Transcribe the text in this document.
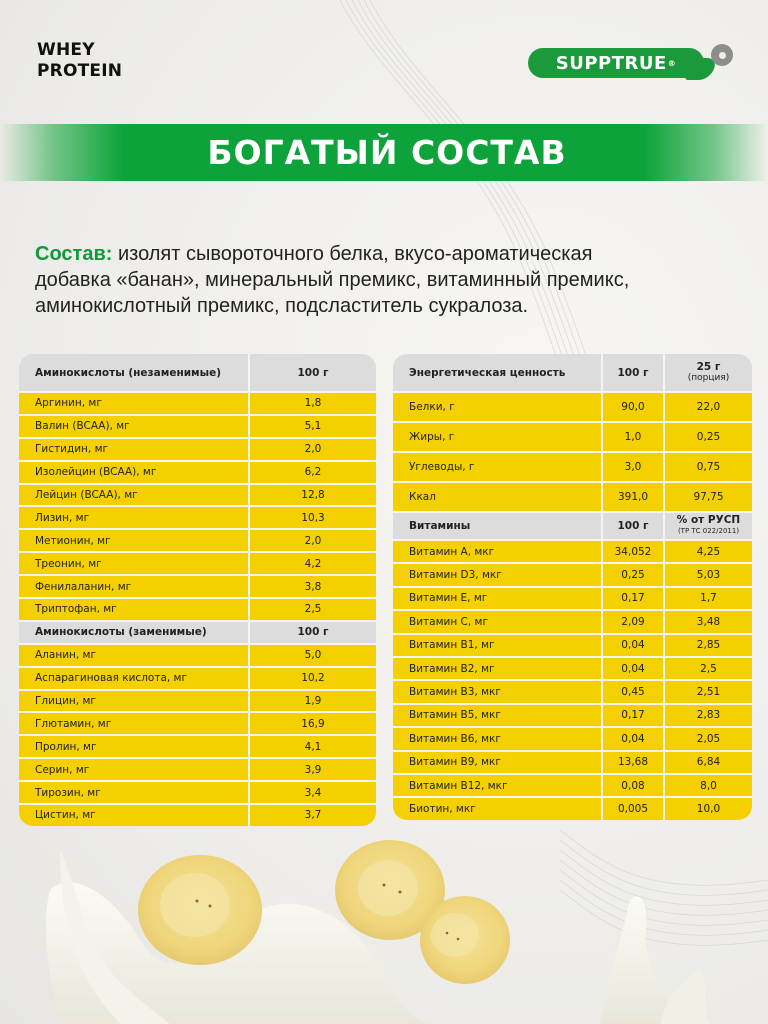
WHEY
PROTEIN	SUPPTRUE ®
БОГАТЫЙ СОСТАВ

Состав: изолят сывороточного белка, вкусо-ароматическая добавка «банан», минеральный премикс, витаминный премикс, аминокислотный премикс, подсластитель сукралоза.

Аминокислоты (незаменимые)	100 г
Аргинин, мг	1,8
Валин (BCAA), мг	5,1
Гистидин, мг	2,0
Изолейцин (BCAA), мг	6,2
Лейцин (BCAA), мг	12,8
Лизин, мг	10,3
Метионин, мг	2,0
Треонин, мг	4,2
Фенилаланин, мг	3,8
Триптофан, мг	2,5
Аминокислоты (заменимые)	100 г
Аланин, мг	5,0
Аспарагиновая кислота, мг	10,2
Глицин, мг	1,9
Глютамин, мг	16,9
Пролин, мг	4,1
Серин, мг	3,9
Тирозин, мг	3,4
Цистин, мг	3,7
Энергетическая ценность	100 г	25 г
(порция)
Белки, г	90,0	22,0
Жиры, г	1,0	0,25
Углеводы, г	3,0	0,75
Ккал	391,0	97,75
Витамины	100 г	% от РУСП
(ТР ТС 022/2011)
Витамин А, мкг	34,052	4,25
Витамин D3, мкг	0,25	5,03
Витамин Е, мг	0,17	1,7
Витамин С, мг	2,09	3,48
Витамин В1, мг	0,04	2,85
Витамин В2, мг	0,04	2,5
Витамин В3, мкг	0,45	2,51
Витамин В5, мкг	0,17	2,83
Витамин В6, мкг	0,04	2,05
Витамин В9, мкг	13,68	6,84
Витамин В12, мкг	0,08	8,0
Биотин, мкг	0,005	10,0
